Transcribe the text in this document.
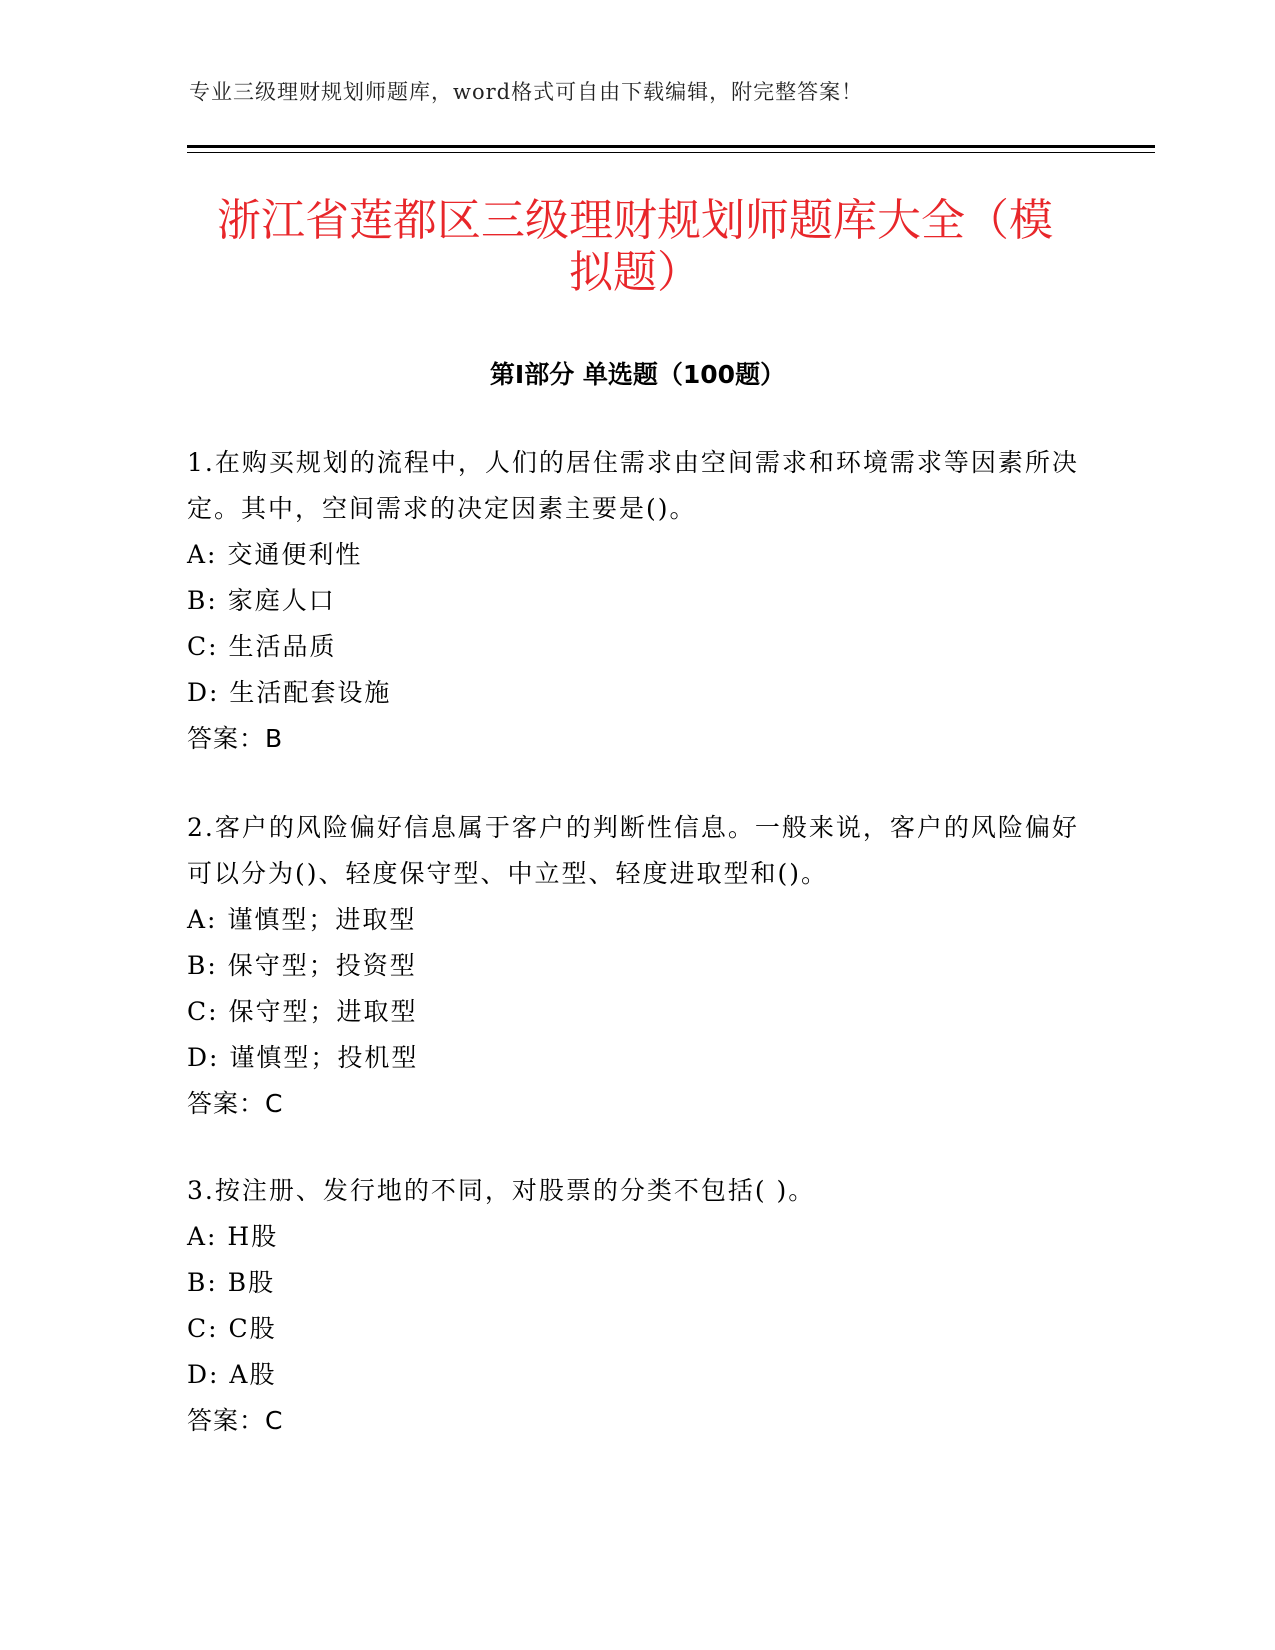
专业三级理财规划师题库，word格式可自由下载编辑，附完整答案！
浙江省莲都区三级理财规划师题库大全（模
拟题）
第Ⅰ部分 单选题（100题）

1.在购买规划的流程中，人们的居住需求由空间需求和环境需求等因素所决定。其中，空间需求的决定因素主要是()。

A: 交通便利性

B: 家庭人口

C: 生活品质

D: 生活配套设施

答案：B

2.客户的风险偏好信息属于客户的判断性信息。一般来说，客户的风险偏好可以分为()、轻度保守型、中立型、轻度进取型和()。

A: 谨慎型；进取型

B: 保守型；投资型

C: 保守型；进取型

D: 谨慎型；投机型

答案：C

3.按注册、发行地的不同，对股票的分类不包括( )。

A: H股

B: B股

C: C股

D: A股

答案：C
